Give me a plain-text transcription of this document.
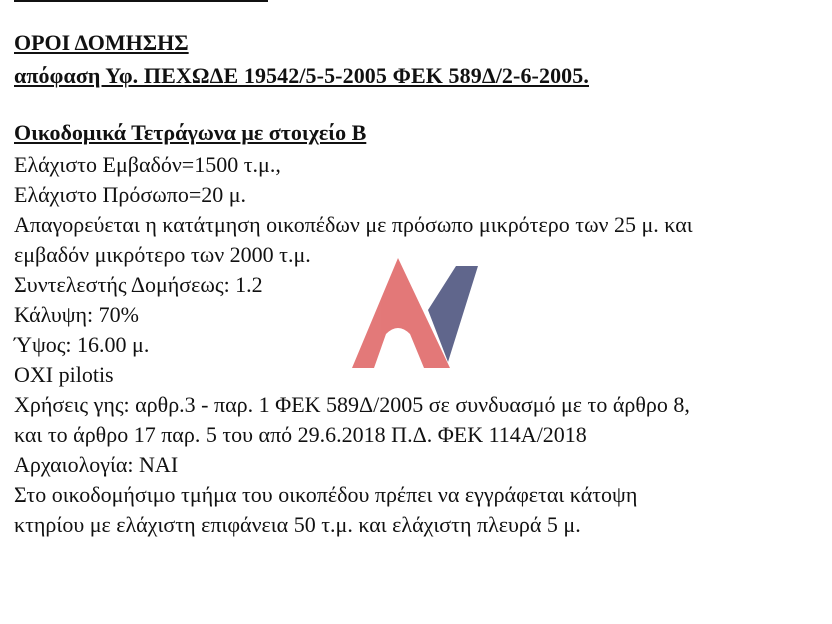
ΟΡΟΙ ΔΟΜΗΣΗΣ
απόφαση Υφ. ΠΕΧΩΔΕ 19542/5-5-2005 ΦΕΚ 589Δ/2-6-2005.
Οικοδομικά Τετράγωνα με στοιχείο Β
Ελάχιστο Εμβαδόν=1500 τ.μ.,
Ελάχιστο Πρόσωπο=20 μ.
Απαγορεύεται η κατάτμηση οικοπέδων με πρόσωπο μικρότερο των 25 μ. και
εμβαδόν μικρότερο των 2000 τ.μ.
Συντελεστής Δομήσεως: 1.2
Κάλυψη: 70%
Ύψος: 16.00 μ.
ΟΧΙ pilotis
Χρήσεις γης: αρθρ.3 - παρ. 1 ΦΕΚ 589Δ/2005 σε συνδυασμό με το άρθρο 8,
και το άρθρο 17 παρ. 5 του από 29.6.2018 Π.Δ. ΦΕΚ 114Α/2018
Αρχαιολογία: ΝΑΙ
Στο οικοδομήσιμο τμήμα του οικοπέδου πρέπει να εγγράφεται κάτοψη
κτηρίου με ελάχιστη επιφάνεια 50 τ.μ. και ελάχιστη πλευρά 5 μ.
